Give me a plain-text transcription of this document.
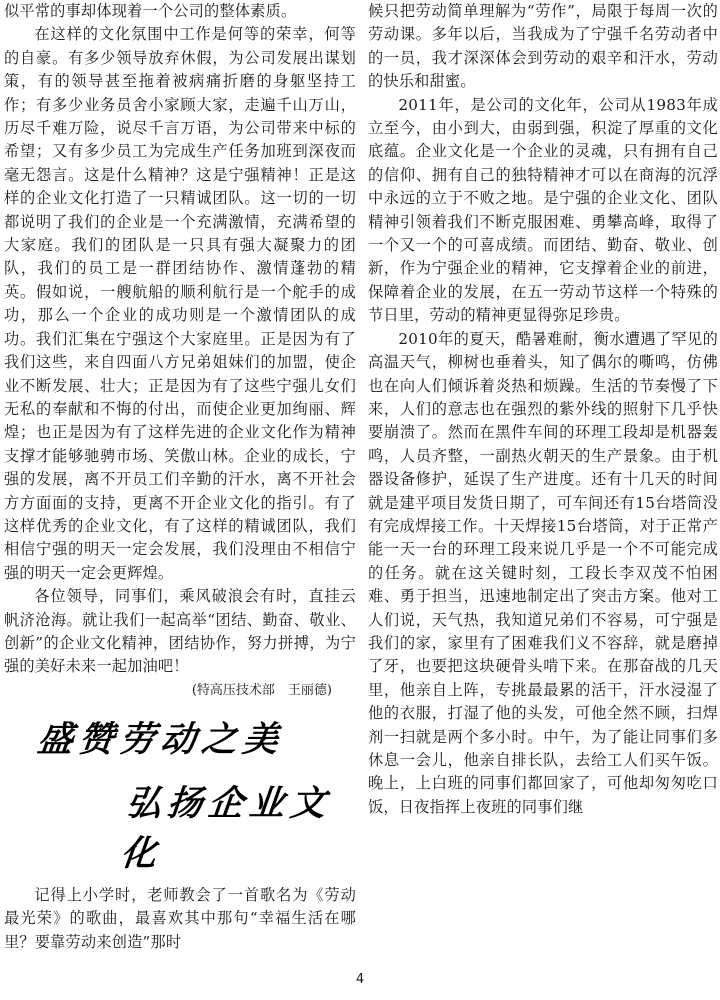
似平常的事却体现着一个公司的整体素质。

在这样的文化氛围中工作是何等的荣幸，何等的自豪。有多少领导放弃休假，为公司发展出谋划策，有的领导甚至拖着被病痛折磨的身躯坚持工作；有多少业务员舍小家顾大家，走遍千山万山，历尽千难万险，说尽千言万语，为公司带来中标的希望；又有多少员工为完成生产任务加班到深夜而毫无怨言。这是什么精神？这是宁强精神！正是这样的企业文化打造了一只精诚团队。这一切的一切都说明了我们的企业是一个充满激情，充满希望的大家庭。我们的团队是一只具有强大凝聚力的团队，我们的员工是一群团结协作、激情蓬勃的精英。假如说，一艘航船的顺利航行是一个舵手的成功，那么一个企业的成功则是一个激情团队的成功。我们汇集在宁强这个大家庭里。正是因为有了我们这些，来自四面八方兄弟姐妹们的加盟，使企业不断发展、壮大；正是因为有了这些宁强儿女们无私的奉献和不悔的付出，而使企业更加绚丽、辉煌；也正是因为有了这样先进的企业文化作为精神支撑才能够驰骋市场、笑傲山林。企业的成长，宁强的发展，离不开员工们辛勤的汗水，离不开社会方方面面的支持，更离不开企业文化的指引。有了这样优秀的企业文化，有了这样的精诚团队，我们相信宁强的明天一定会发展，我们没理由不相信宁强的明天一定会更辉煌。

各位领导，同事们，乘风破浪会有时，直挂云帆济沧海。就让我们一起高举“团结、勤奋、敬业、创新”的企业文化精神，团结协作，努力拼搏，为宁强的美好未来一起加油吧！

(特高压技术部　王丽德)
盛赞劳动之美
弘扬企业文化

记得上小学时，老师教会了一首歌名为《劳动最光荣》的歌曲，最喜欢其中那句“幸福生活在哪里？要靠劳动来创造”那时

候只把劳动简单理解为“劳作”，局限于每周一次的劳动课。多年以后，当我成为了宁强千名劳动者中的一员，我才深深体会到劳动的艰辛和汗水，劳动的快乐和甜蜜。

2011年，是公司的文化年，公司从1983年成立至今，由小到大，由弱到强，积淀了厚重的文化底蕴。企业文化是一个企业的灵魂，只有拥有自己的信仰、拥有自己的独特精神才可以在商海的沉浮中永远的立于不败之地。是宁强的企业文化、团队精神引领着我们不断克服困难、勇攀高峰，取得了一个又一个的可喜成绩。而团结、勤奋、敬业、创新，作为宁强企业的精神，它支撑着企业的前进，保障着企业的发展，在五一劳动节这样一个特殊的节日里，劳动的精神更显得弥足珍贵。

2010年的夏天，酷暑难耐，衡水遭遇了罕见的高温天气，柳树也垂着头，知了偶尔的嘶鸣，仿佛也在向人们倾诉着炎热和烦躁。生活的节奏慢了下来，人们的意志也在强烈的紫外线的照射下几乎快要崩溃了。然而在黑件车间的环理工段却是机器轰鸣，人员齐整，一副热火朝天的生产景象。由于机器设备修护，延误了生产进度。还有十几天的时间就是建平项目发货日期了，可车间还有15台塔筒没有完成焊接工作。十天焊接15台塔筒，对于正常产能一天一台的环理工段来说几乎是一个不可能完成的任务。就在这关键时刻，工段长李双茂不怕困难、勇于担当，迅速地制定出了突击方案。他对工人们说，天气热，我知道兄弟们不容易，可宁强是我们的家，家里有了困难我们义不容辞，就是磨掉了牙，也要把这块硬骨头啃下来。在那奋战的几天里，他亲自上阵，专挑最最累的活干，汗水浸湿了他的衣服，打湿了他的头发，可他全然不顾，扫焊剂一扫就是两个多小时。中午，为了能让同事们多休息一会儿，他亲自排长队，去给工人们买午饭。晚上，上白班的同事们都回家了，可他却匆匆吃口饭，日夜指挥上夜班的同事们继

4
